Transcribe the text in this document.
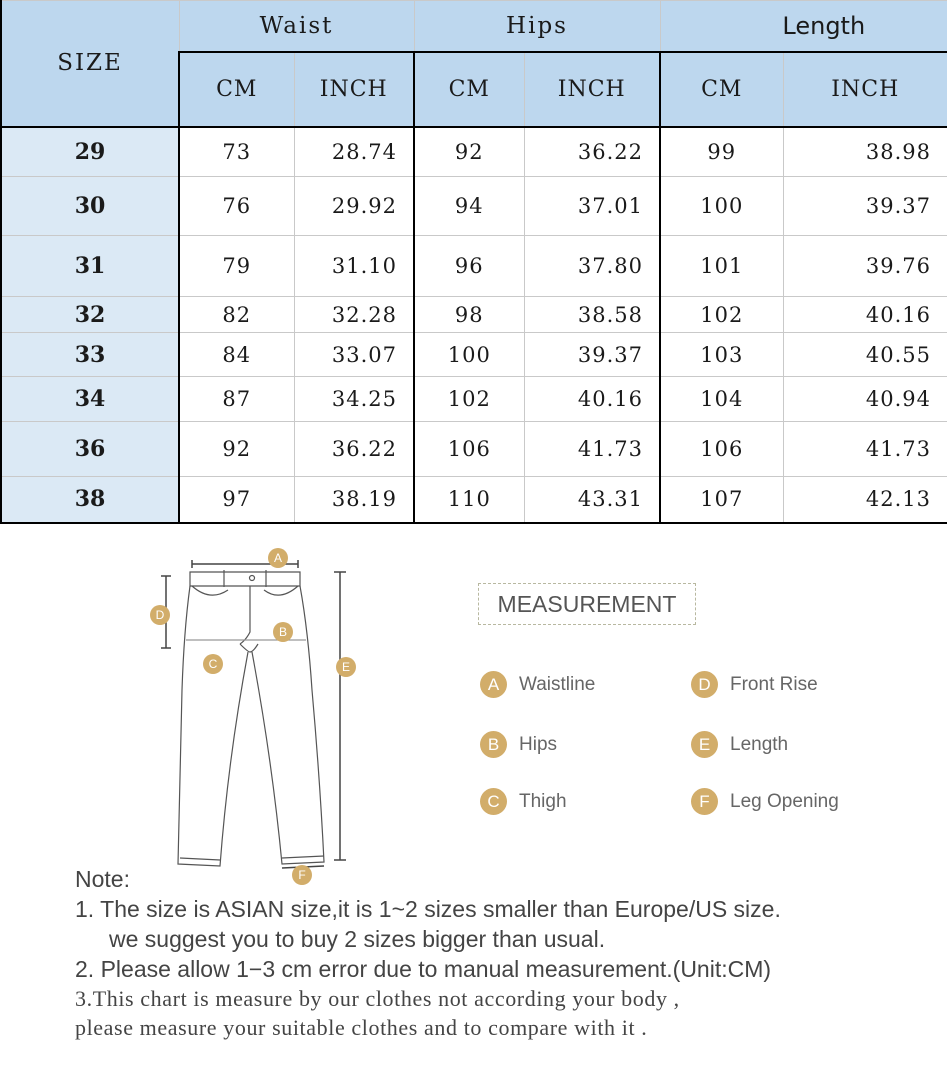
SIZE	Waist		Hips		Length	
	CM	INCH	CM	INCH	CM	INCH
29	73	28.74	92	36.22	99	38.98
30	76	29.92	94	37.01	100	39.37
31	79	31.10	96	37.80	101	39.76
32	82	32.28	98	38.58	102	40.16
33	84	33.07	100	39.37	103	40.55
34	87	34.25	102	40.16	104	40.94
36	92	36.22	106	41.73	106	41.73
38	97	38.19	110	43.31	107	42.13
A
B
C
D
E
F
MEASUREMENT
A	Waistline
B	Hips
C	Thigh
D	Front Rise
E	Length
F	Leg Opening
Note:
1. The size is ASIAN size,it is 1~2 sizes smaller than Europe/US size.
we suggest you to buy 2 sizes bigger than usual.
2. Please allow 1−3 cm error due to manual measurement.(Unit:CM)
3.This chart is measure by our clothes not according your body ,
please measure your suitable clothes and to compare with it .
